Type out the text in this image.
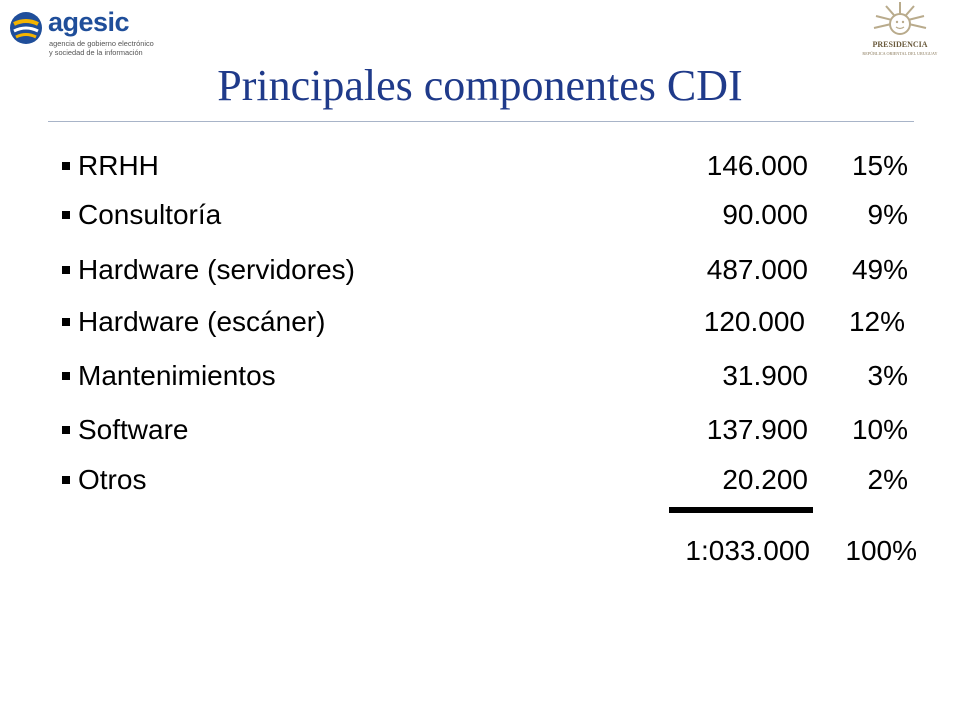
agesic
agencia de gobierno electrónico
y sociedad de la información
PRESIDENCIA
REPÚBLICA ORIENTAL DEL URUGUAY
Principales componentes CDI
RRHH	146.000 15%
Consultoría	90.000 9%
Hardware (servidores)	487.000 49%
Hardware (escáner)	120.000 12%
Mantenimientos	31.900 3%
Software	137.900 10%
Otros	20.200 2%
1:033.000 100%
